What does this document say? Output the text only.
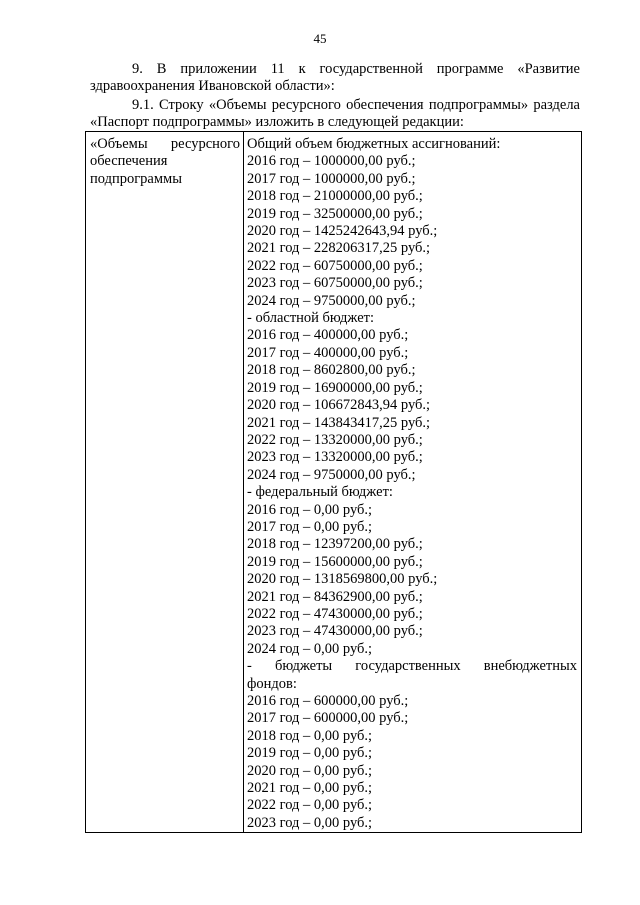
45
9. В приложении 11 к государственной программе «Развитие здравоохранения Ивановской области»:
9.1. Строку «Объемы ресурсного обеспечения подпрограммы» раздела «Паспорт подпрограммы» изложить в следующей редакции:
«Объемы ресурсного
обеспечения
подпрограммы
Общий объем бюджетных ассигнований:
2016 год – 1000000,00 руб.;
2017 год – 1000000,00 руб.;
2018 год – 21000000,00 руб.;
2019 год – 32500000,00 руб.;
2020 год – 1425242643,94 руб.;
2021 год – 228206317,25 руб.;
2022 год – 60750000,00 руб.;
2023 год – 60750000,00 руб.;
2024 год – 9750000,00 руб.;
- областной бюджет:
2016 год – 400000,00 руб.;
2017 год – 400000,00 руб.;
2018 год – 8602800,00 руб.;
2019 год – 16900000,00 руб.;
2020 год – 106672843,94 руб.;
2021 год – 143843417,25 руб.;
2022 год – 13320000,00 руб.;
2023 год – 13320000,00 руб.;
2024 год – 9750000,00 руб.;
- федеральный бюджет:
2016 год – 0,00 руб.;
2017 год – 0,00 руб.;
2018 год – 12397200,00 руб.;
2019 год – 15600000,00 руб.;
2020 год – 1318569800,00 руб.;
2021 год – 84362900,00 руб.;
2022 год – 47430000,00 руб.;
2023 год – 47430000,00 руб.;
2024 год – 0,00 руб.;
- бюджеты государственных внебюджетных
фондов:
2016 год – 600000,00 руб.;
2017 год – 600000,00 руб.;
2018 год – 0,00 руб.;
2019 год – 0,00 руб.;
2020 год – 0,00 руб.;
2021 год – 0,00 руб.;
2022 год – 0,00 руб.;
2023 год – 0,00 руб.;
